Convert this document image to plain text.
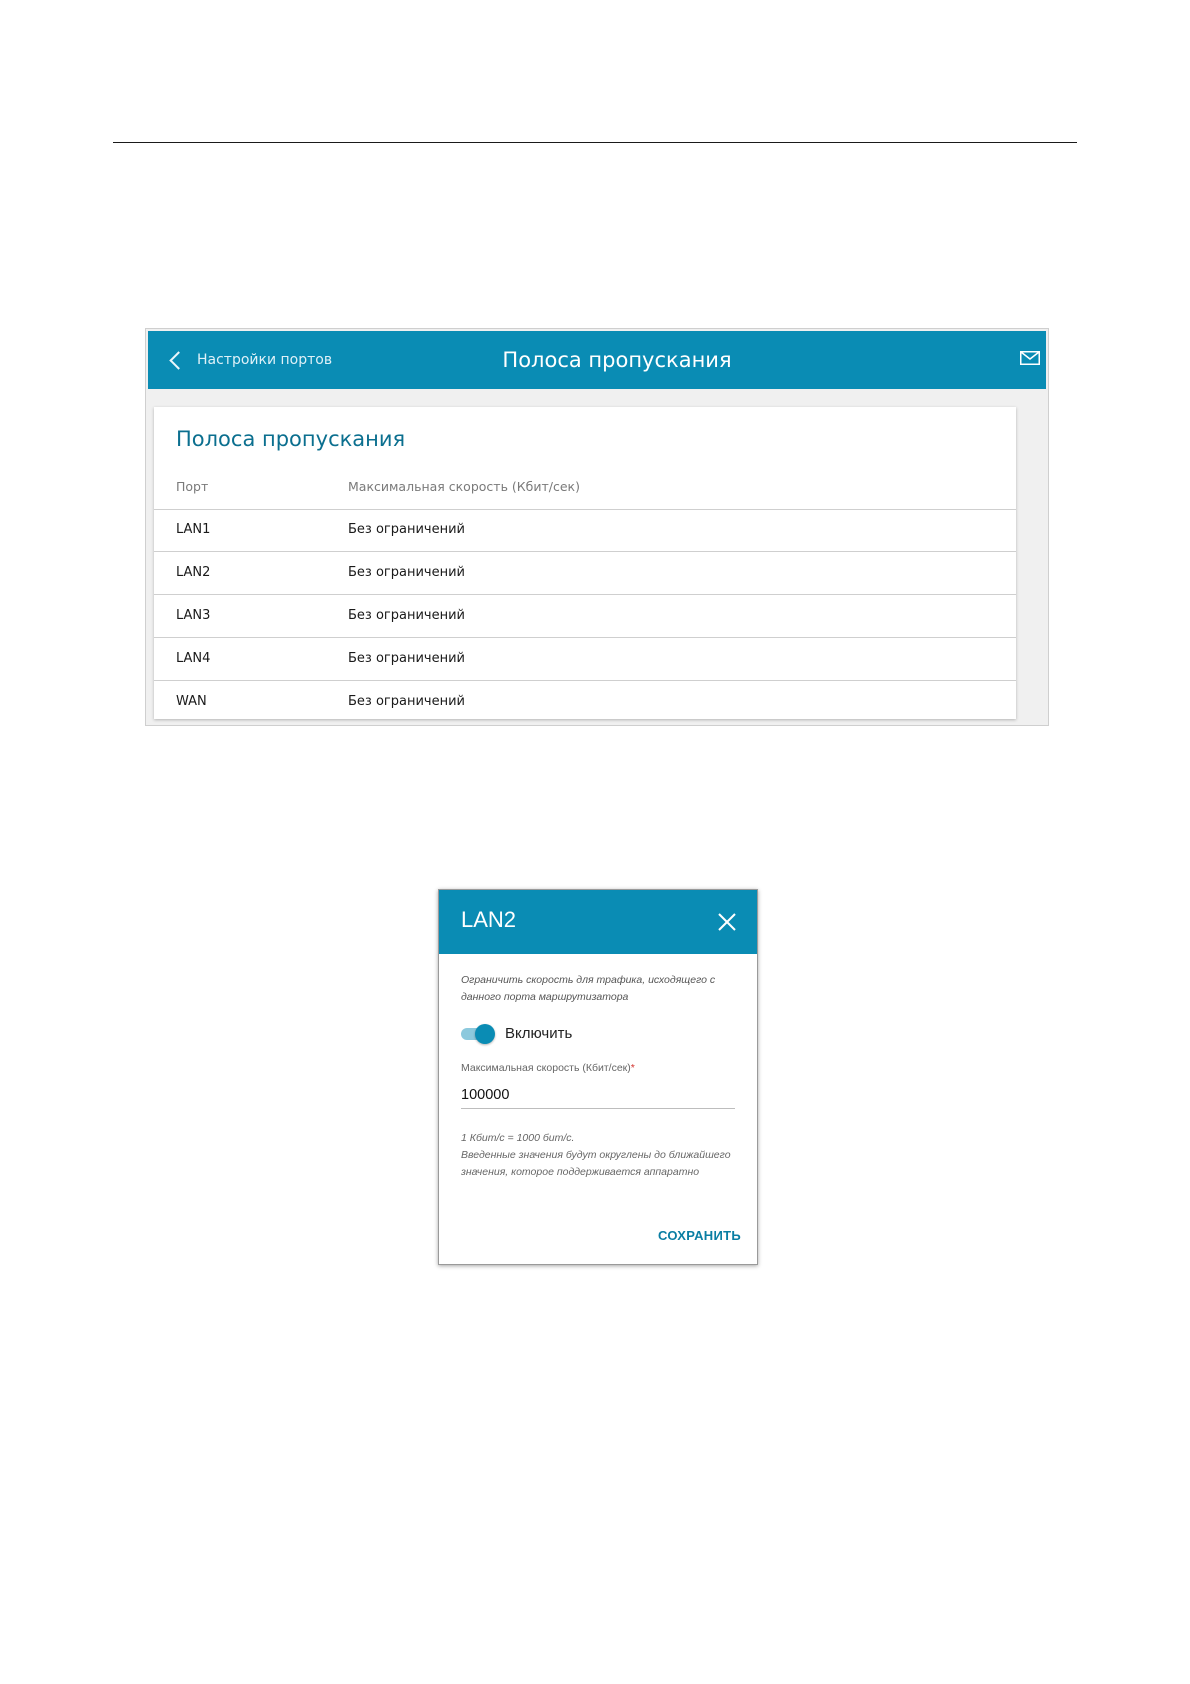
Настройки портов	Полоса пропускания
Полоса пропускания
Порт	Максимальная скорость (Кбит/сек)
LAN1	Без ограничений
LAN2	Без ограничений
LAN3	Без ограничений
LAN4	Без ограничений
WAN	Без ограничений
LAN2
Ограничить скорость для трафика, исходящего с данного порта маршрутизатора
Включить
Максимальная скорость (Кбит/сек)*
100000
1 Кбит/с = 1000 бит/с.
Введенные значения будут округлены до ближайшего значения, которое поддерживается аппаратно
СОХРАНИТЬ
